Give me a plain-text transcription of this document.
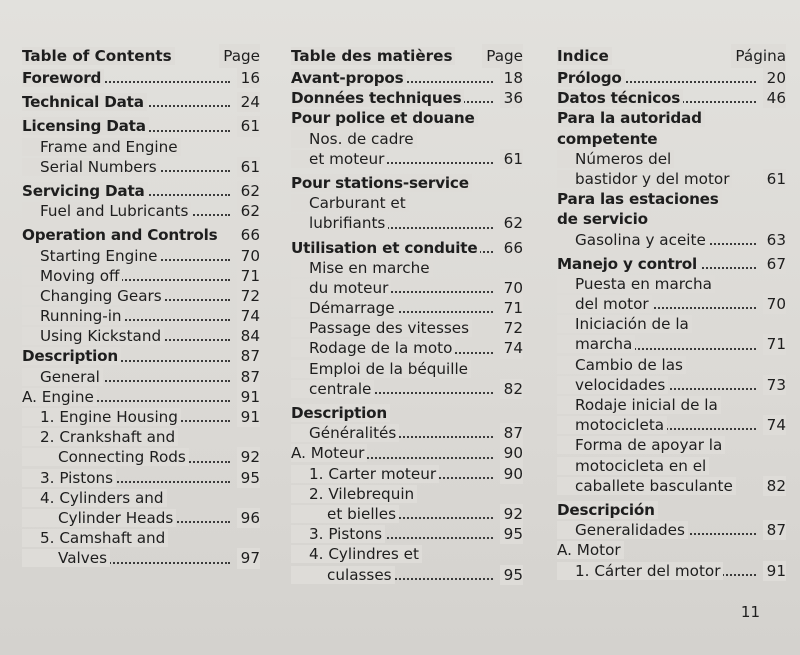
Table of Contents	Page
Foreword	16
Technical Data	24
Licensing Data	61
Frame and Engine
Serial Numbers	61
Servicing Data	62
Fuel and Lubricants	62
Operation and Controls 66
Starting Engine	70
Moving off	71
Changing Gears	72
Running-in	74
Using Kickstand	84
Description	87
General	87
A. Engine	91
1. Engine Housing	91
2. Crankshaft and
Connecting Rods	92
3. Pistons	95
4. Cylinders and
Cylinder Heads	96
5. Camshaft and
Valves	97
Table des matières Page
Avant-propos	18
Données techniques	36
Pour police et douane
Nos. de cadre
et moteur	61
Pour stations-service
Carburant et
lubrifiants	62
Utilisation et conduite 66
Mise en marche
du moteur	70
Démarrage	71
Passage des vitesses 72
Rodage de la moto	74
Emploi de la béquille
centrale	82
Description
Généralités	87
A. Moteur	90
1. Carter moteur	90
2. Vilebrequin
et bielles	92
3. Pistons	95
4. Cylindres et
culasses	95
Indice	Página
Prólogo	20
Datos técnicos	46
Para la autoridad
competente
Números del
bastidor y del motor 61
Para las estaciones
de servicio
Gasolina y aceite	63
Manejo y control	67
Puesta en marcha
del motor	70
Iniciación de la
marcha	71
Cambio de las
velocidades	73
Rodaje inicial de la
motocicleta	74
Forma de apoyar la
motocicleta en el
caballete basculante 82
Descripción
Generalidades	87
A. Motor
1. Cárter del motor	91
11
